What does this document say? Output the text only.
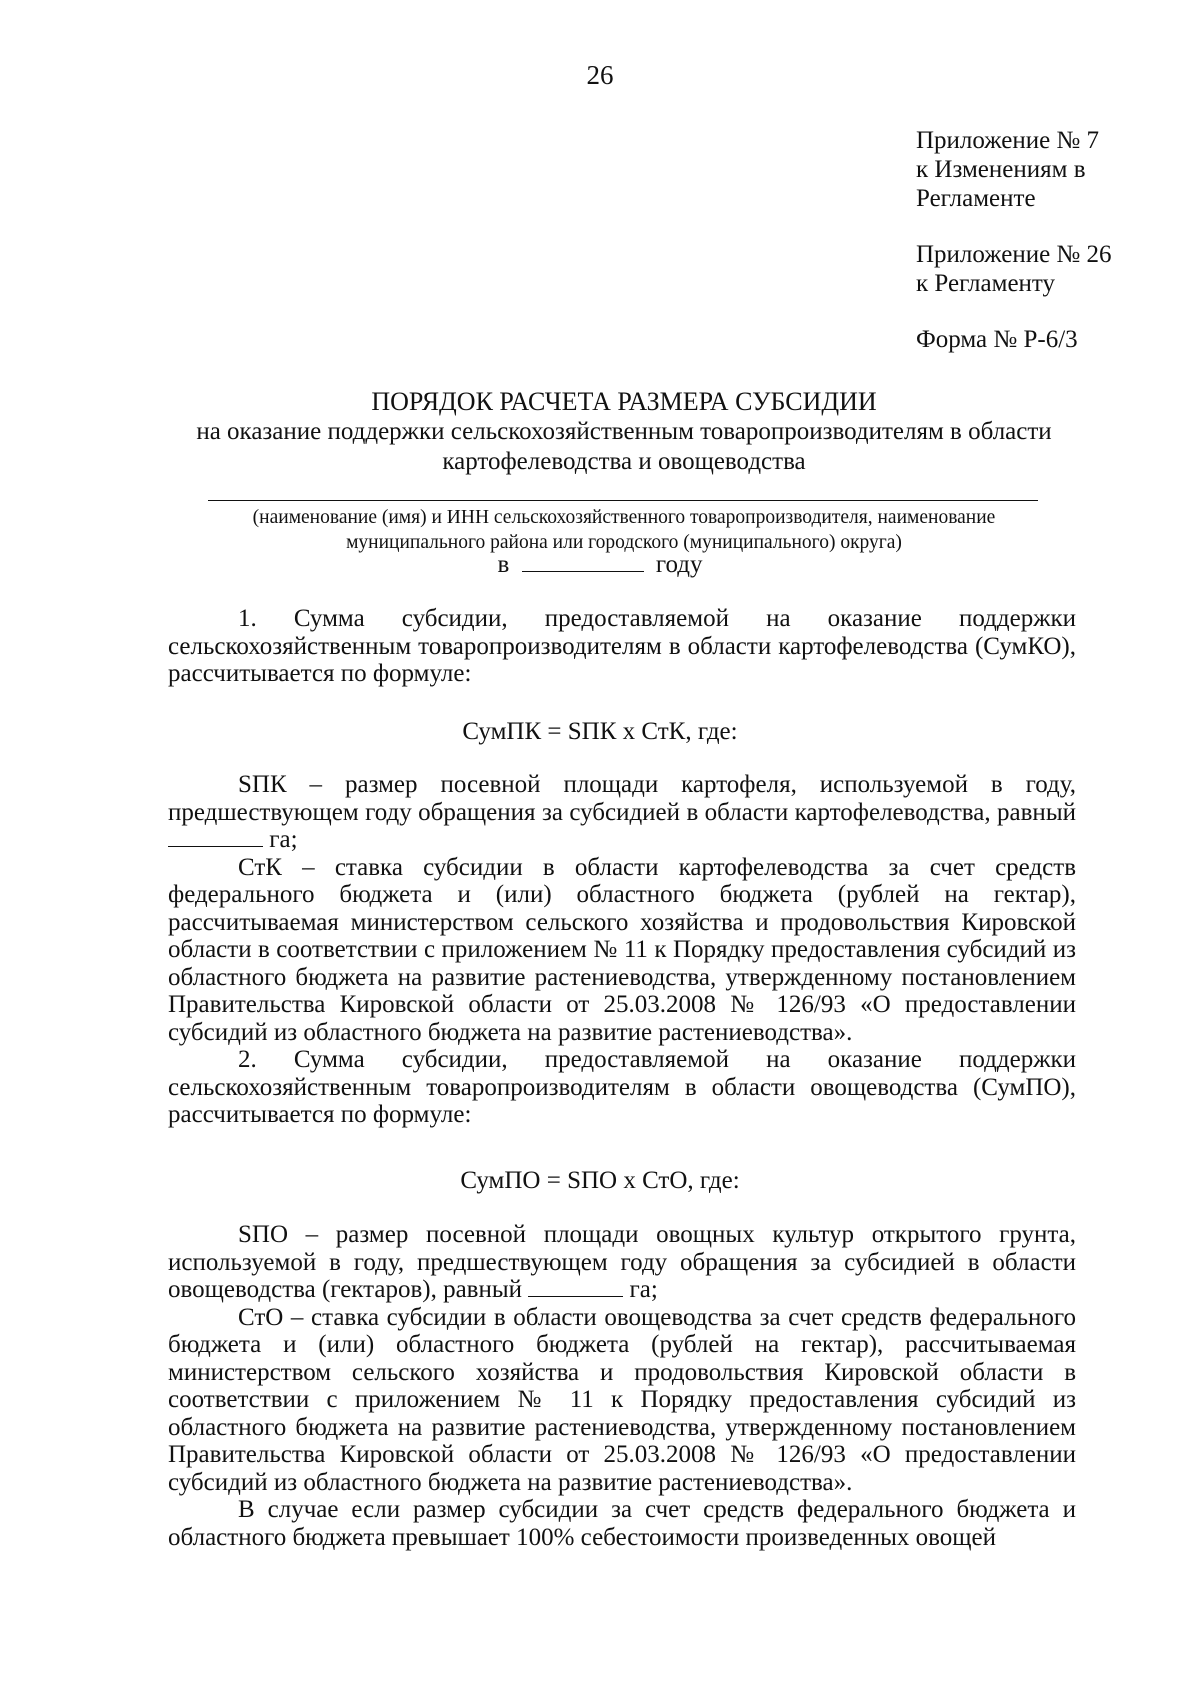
26
Приложение № 7
к Изменениям в
Регламенте
Приложение № 26
к Регламенту
Форма № Р-6/3
ПОРЯДОК РАСЧЕТА РАЗМЕРА СУБСИДИИ
на оказание поддержки сельскохозяйственным товаропроизводителям в области
картофелеводства и овощеводства
(наименование (имя) и ИНН сельскохозяйственного товаропроизводителя, наименование
муниципального района или городского (муниципального) округа)
в	году

1. Сумма субсидии, предоставляемой на оказание поддержки сельскохозяйственным товаропроизводителям в области картофелеводства (СумКО), рассчитывается по формуле:

СумПК = SПК x СтК, где:

SПК – размер посевной площади картофеля, используемой в году, предшествующем году обращения за субсидией в области картофелеводства, равный  га;

СтК – ставка субсидии в области картофелеводства за счет средств федерального бюджета и (или) областного бюджета (рублей на гектар), рассчитываемая министерством сельского хозяйства и продовольствия Кировской области в соответствии с приложением № 11 к Порядку предоставления субсидий из областного бюджета на развитие растениеводства, утвержденному постановлением Правительства Кировской области от 25.03.2008 № 126/93 «О предоставлении субсидий из областного бюджета на развитие растениеводства».

2. Сумма субсидии, предоставляемой на оказание поддержки сельскохозяйственным товаропроизводителям в области овощеводства (СумПО), рассчитывается по формуле:

СумПО = SПО x СтО, где:

SПО – размер посевной площади овощных культур открытого грунта, используемой в году, предшествующем году обращения за субсидией в области овощеводства (гектаров), равный	га;

СтО – ставка субсидии в области овощеводства за счет средств федерального бюджета и (или) областного бюджета (рублей на гектар), рассчитываемая министерством сельского хозяйства и продовольствия Кировской области в соответствии с приложением № 11 к Порядку предоставления субсидий из областного бюджета на развитие растениеводства, утвержденному постановлением Правительства Кировской области от 25.03.2008 № 126/93 «О предоставлении субсидий из областного бюджета на развитие растениеводства».

В случае если размер субсидии за счет средств федерального бюджета и областного бюджета превышает 100% себестоимости произведенных овощей
